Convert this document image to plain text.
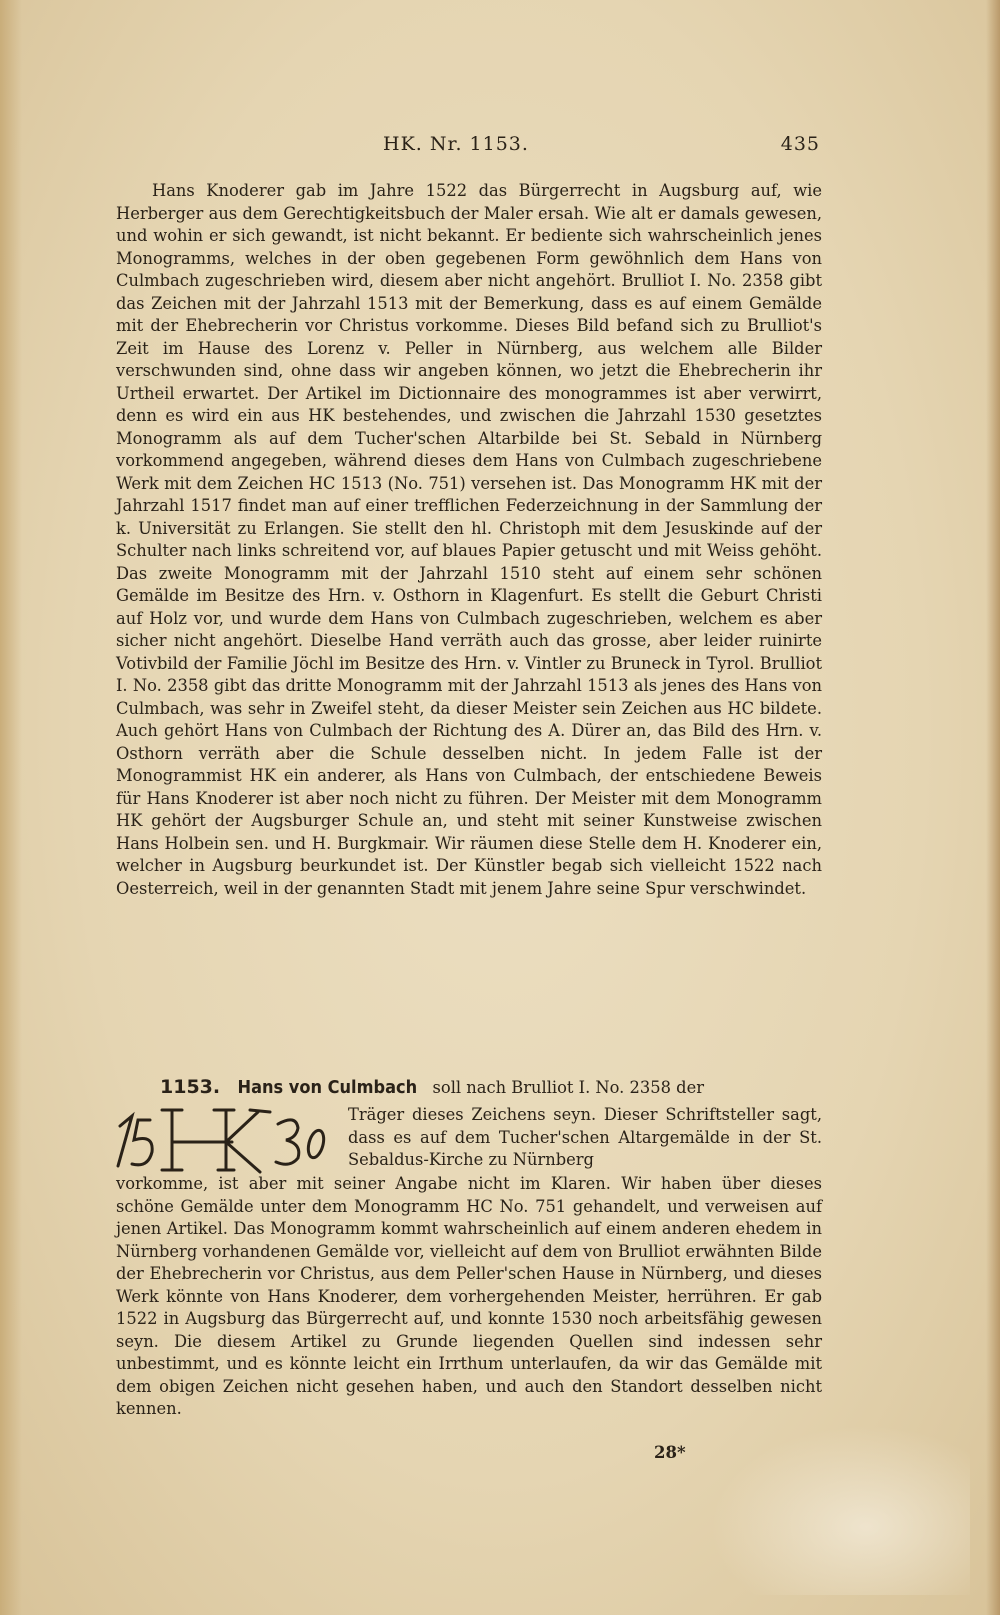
HK. Nr. 1153.	435
Hans Knoderer gab im Jahre 1522 das Bürgerrecht in Augsburg auf, wie Herberger aus dem Gerechtigkeitsbuch der Maler ersah. Wie alt er damals gewesen, und wohin er sich gewandt, ist nicht bekannt. Er bediente sich wahrscheinlich jenes Monogramms, welches in der oben gegebenen Form gewöhnlich dem Hans von Culmbach zugeschrieben wird, diesem aber nicht angehört. Brulliot I. No. 2358 gibt das Zeichen mit der Jahrzahl 1513 mit der Bemerkung, dass es auf einem Gemälde mit der Ehebrecherin vor Christus vorkomme. Dieses Bild befand sich zu Brulliot's Zeit im Hause des Lorenz v. Peller in Nürnberg, aus welchem alle Bilder verschwunden sind, ohne dass wir angeben können, wo jetzt die Ehebrecherin ihr Urtheil erwartet. Der Artikel im Dictionnaire des monogrammes ist aber verwirrt, denn es wird ein aus HK bestehendes, und zwischen die Jahrzahl 1530 gesetztes Monogramm als auf dem Tucher'schen Altarbilde bei St. Sebald in Nürnberg vorkommend angegeben, während dieses dem Hans von Culmbach zugeschriebene Werk mit dem Zeichen HC 1513 (No. 751) versehen ist. Das Monogramm HK mit der Jahrzahl 1517 findet man auf einer trefflichen Federzeichnung in der Sammlung der k. Universität zu Erlangen. Sie stellt den hl. Christoph mit dem Jesuskinde auf der Schulter nach links schreitend vor, auf blaues Papier getuscht und mit Weiss gehöht. Das zweite Monogramm mit der Jahrzahl 1510 steht auf einem sehr schönen Gemälde im Besitze des Hrn. v. Osthorn in Klagenfurt. Es stellt die Geburt Christi auf Holz vor, und wurde dem Hans von Culmbach zugeschrieben, welchem es aber sicher nicht angehört. Dieselbe Hand verräth auch das grosse, aber leider ruinirte Votivbild der Familie Jöchl im Besitze des Hrn. v. Vintler zu Bruneck in Tyrol. Brulliot I. No. 2358 gibt das dritte Monogramm mit der Jahrzahl 1513 als jenes des Hans von Culmbach, was sehr in Zweifel steht, da dieser Meister sein Zeichen aus HC bildete. Auch gehört Hans von Culmbach der Richtung des A. Dürer an, das Bild des Hrn. v. Osthorn verräth aber die Schule desselben nicht. In jedem Falle ist der Monogrammist HK ein anderer, als Hans von Culmbach, der entschiedene Beweis für Hans Knoderer ist aber noch nicht zu führen. Der Meister mit dem Monogramm HK gehört der Augsburger Schule an, und steht mit seiner Kunstweise zwischen Hans Holbein sen. und H. Burgkmair. Wir räumen diese Stelle dem H. Knoderer ein, welcher in Augsburg beurkundet ist. Der Künstler begab sich vielleicht 1522 nach Oesterreich, weil in der genannten Stadt mit jenem Jahre seine Spur verschwindet.
1153. Hans von Culmbach soll nach Brulliot I. No. 2358 der
Träger dieses Zeichens seyn. Dieser Schriftsteller sagt, dass es auf dem Tucher'schen Altargemälde in der St. Sebaldus-Kirche zu Nürnberg
vorkomme, ist aber mit seiner Angabe nicht im Klaren. Wir haben über dieses schöne Gemälde unter dem Monogramm HC No. 751 gehandelt, und verweisen auf jenen Artikel. Das Monogramm kommt wahrscheinlich auf einem anderen ehedem in Nürnberg vorhandenen Gemälde vor, vielleicht auf dem von Brulliot erwähnten Bilde der Ehebrecherin vor Christus, aus dem Peller'schen Hause in Nürnberg, und dieses Werk könnte von Hans Knoderer, dem vorhergehenden Meister, herrühren. Er gab 1522 in Augsburg das Bürgerrecht auf, und konnte 1530 noch arbeitsfähig gewesen seyn. Die diesem Artikel zu Grunde liegenden Quellen sind indessen sehr unbestimmt, und es könnte leicht ein Irrthum unterlaufen, da wir das Gemälde mit dem obigen Zeichen nicht gesehen haben, und auch den Standort desselben nicht kennen.
28*
